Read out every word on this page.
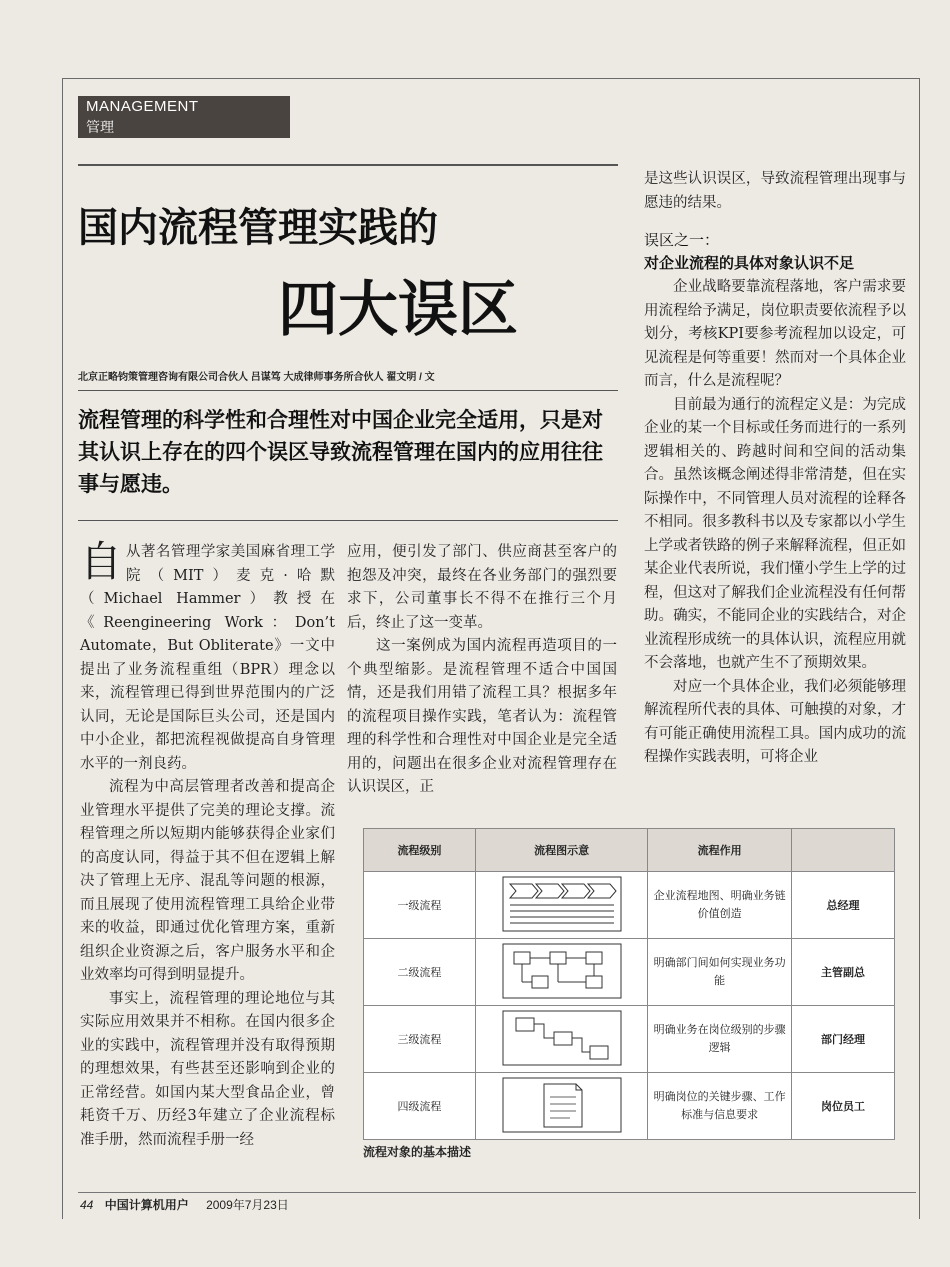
MANAGEMENT
管理
国内流程管理实践的
四大误区
北京正略钧策管理咨询有限公司合伙人 吕谋笃 大成律师事务所合伙人 翟文明 / 文
流程管理的科学性和合理性对中国企业完全适用，只是对其认识上存在的四个误区导致流程管理在国内的应用往往事与愿违。

自从著名管理学家美国麻省理工学院（MIT）麦克·哈默（Michael Hammer）教授在《Reengineering Work：Don’t Automate，But Obliterate》一文中提出了业务流程重组（BPR）理念以来，流程管理已得到世界范围内的广泛认同，无论是国际巨头公司，还是国内中小企业，都把流程视做提高自身管理水平的一剂良药。

流程为中高层管理者改善和提高企业管理水平提供了完美的理论支撑。流程管理之所以短期内能够获得企业家们的高度认同，得益于其不但在逻辑上解决了管理上无序、混乱等问题的根源，而且展现了使用流程管理工具给企业带来的收益，即通过优化管理方案，重新组织企业资源之后，客户服务水平和企业效率均可得到明显提升。

事实上，流程管理的理论地位与其实际应用效果并不相称。在国内很多企业的实践中，流程管理并没有取得预期的理想效果，有些甚至还影响到企业的正常经营。如国内某大型食品企业，曾耗资千万、历经3年建立了企业流程标准手册，然而流程手册一经

应用，便引发了部门、供应商甚至客户的抱怨及冲突，最终在各业务部门的强烈要求下，公司董事长不得不在推行三个月后，终止了这一变革。

这一案例成为国内流程再造项目的一个典型缩影。是流程管理不适合中国国情，还是我们用错了流程工具？根据多年的流程项目操作实践，笔者认为：流程管理的科学性和合理性对中国企业是完全适用的，问题出在很多企业对流程管理存在认识误区，正

是这些认识误区，导致流程管理出现事与愿违的结果。

误区之一：
对企业流程的具体对象认识不足

企业战略要靠流程落地，客户需求要用流程给予满足，岗位职责要依流程予以划分，考核KPI要参考流程加以设定，可见流程是何等重要！然而对一个具体企业而言，什么是流程呢？

目前最为通行的流程定义是：为完成企业的某一个目标或任务而进行的一系列逻辑相关的、跨越时间和空间的活动集合。虽然该概念阐述得非常清楚，但在实际操作中，不同管理人员对流程的诠释各不相同。很多教科书以及专家都以小学生上学或者铁路的例子来解释流程，但正如某企业代表所说，我们懂小学生上学的过程，但这对了解我们企业流程没有任何帮助。确实，不能同企业的实践结合，对企业流程形成统一的具体认识，流程应用就不会落地，也就产生不了预期效果。

对应一个具体企业，我们必须能够理解流程所代表的具体、可触摸的对象，才有可能正确使用流程工具。国内成功的流程操作实践表明，可将企业

流程级别	流程图示意	流程作用	
一级流程		企业流程地图、明确业务链价值创造	总经理
二级流程		明确部门间如何实现业务功能	主管副总
三级流程		明确业务在岗位级别的步骤逻辑	部门经理
四级流程		明确岗位的关键步骤、工作标准与信息要求	岗位员工
流程对象的基本描述
44 中国计算机用户 2009年7月23日
